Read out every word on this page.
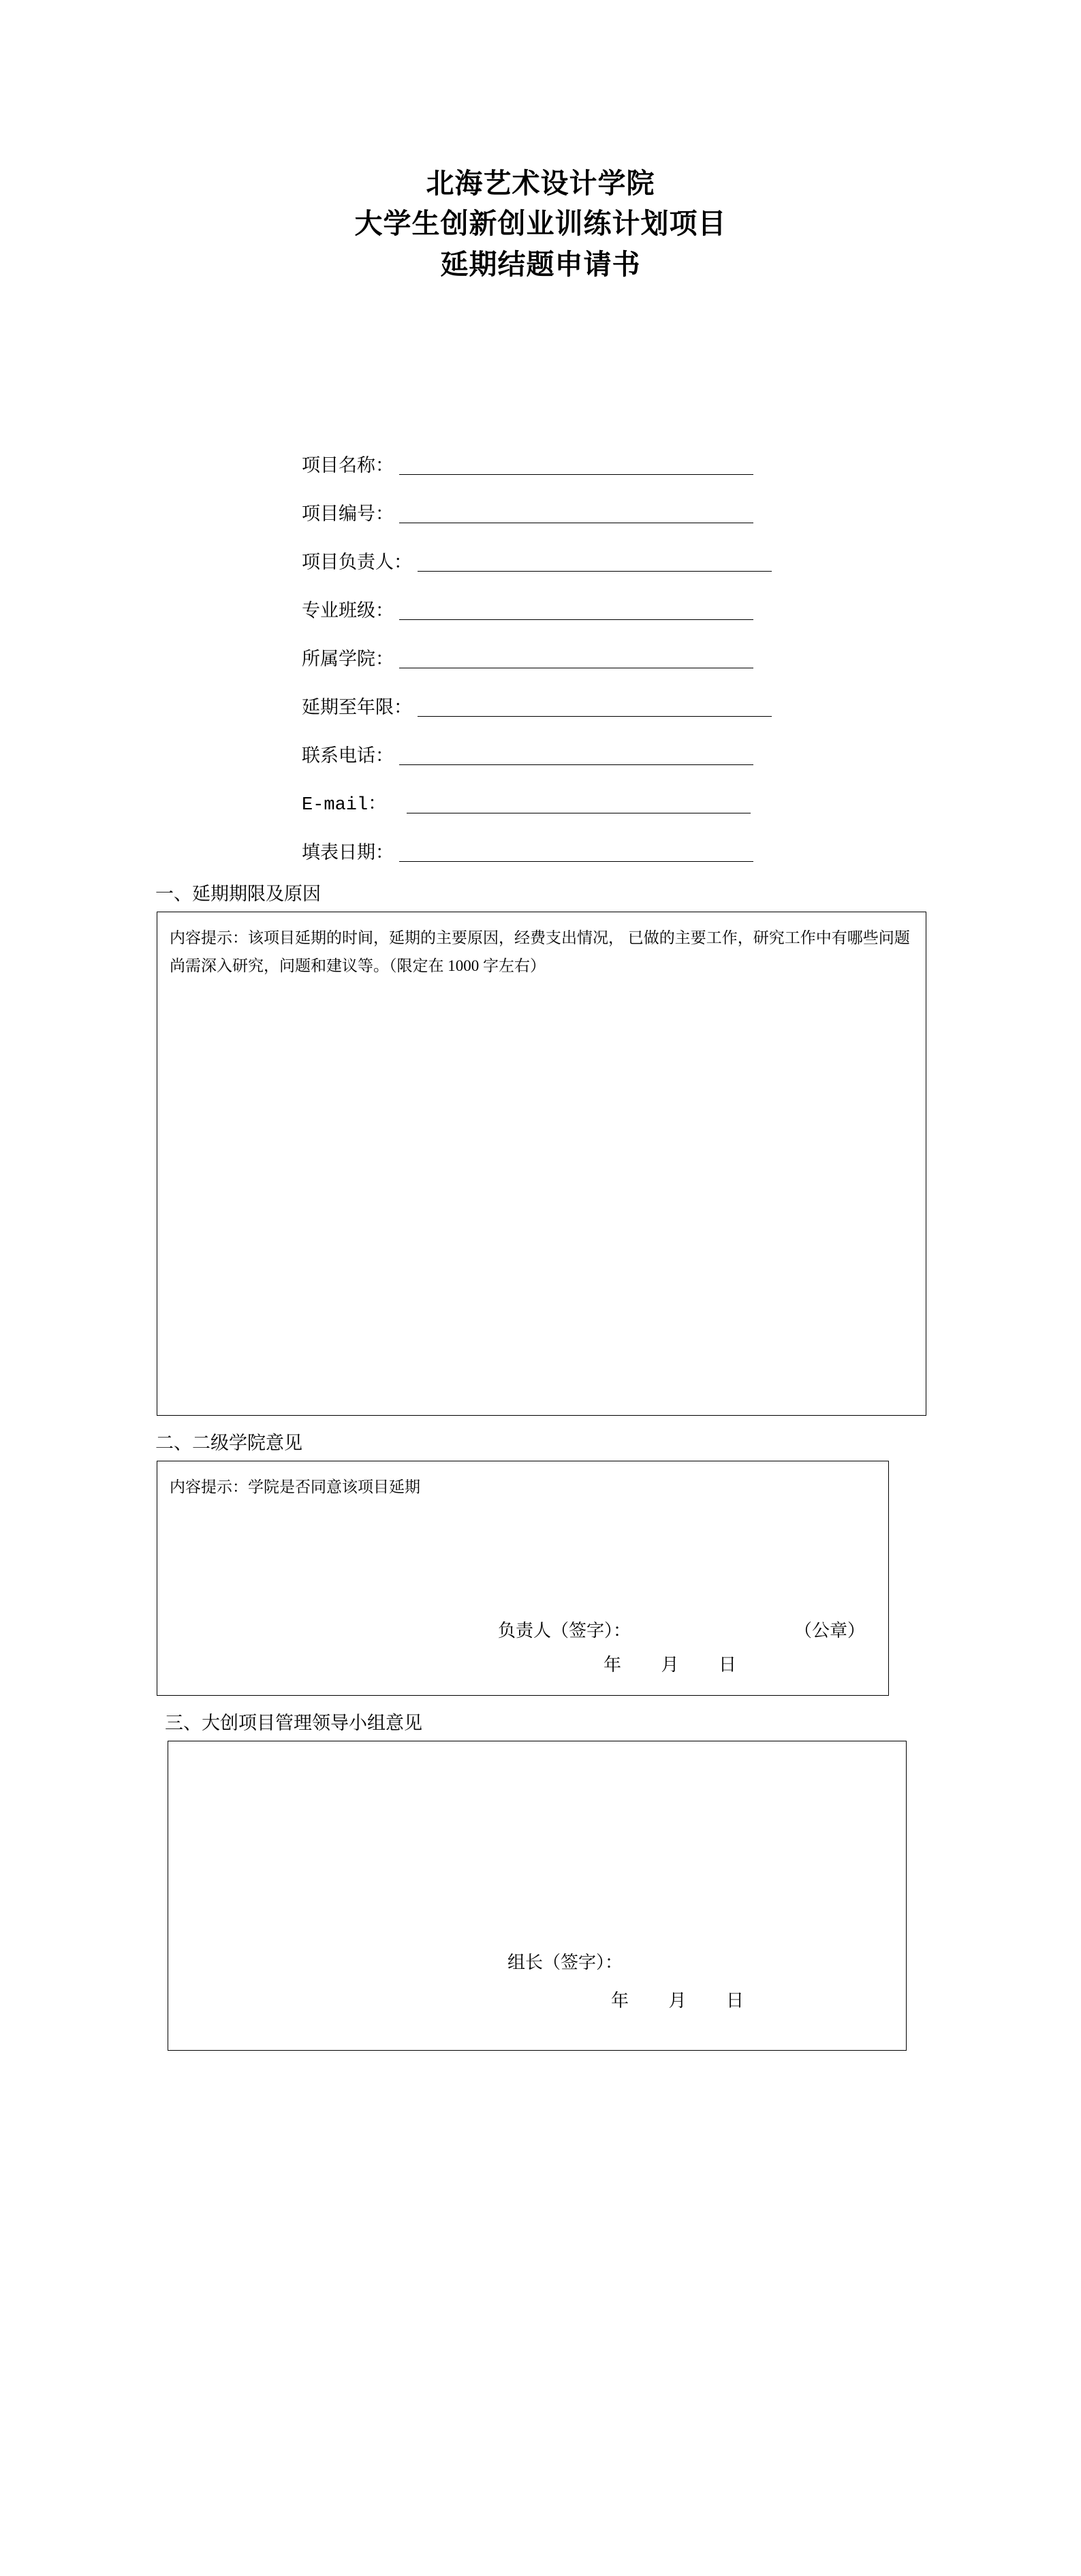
北海艺术设计学院
大学生创新创业训练计划项目
延期结题申请书
项目名称：
项目编号：
项目负责人：
专业班级：
所属学院：
延期至年限：
联系电话：
E-mail：
填表日期：
一、延期期限及原因
内容提示：该项目延期的时间，延期的主要原因，经费支出情况， 已做的主要工作，研究工作中有哪些问题尚需深入研究，问题和建议等。（限定在 1000 字左右）
二、二级学院意见
内容提示：学院是否同意该项目延期
负责人（签字）：	（公章）
年 月 日
三、大创项目管理领导小组意见
组长（签字）：
年 月 日
